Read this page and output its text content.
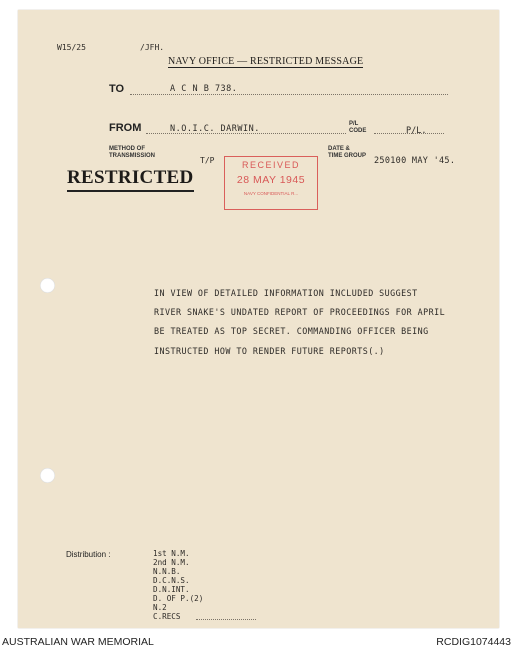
W15/25	/JFH.
NAVY OFFICE — RESTRICTED MESSAGE
TO	A C N B 738.
FROM	N.O.I.C. DARWIN.	P/L
CODE	P/L.
METHOD OF
TRANSMISSION	T/P
DATE &
TIME GROUP 250100 MAY '45.
RESTRICTED
RECEIVED
28 MAY 1945
NAVY CONFIDENTIAL R...
IN VIEW OF DETAILED INFORMATION INCLUDED SUGGEST
RIVER SNAKE'S UNDATED REPORT OF PROCEEDINGS FOR APRIL
BE TREATED AS TOP SECRET. COMMANDING OFFICER BEING
INSTRUCTED HOW TO RENDER FUTURE REPORTS(.)
Distribution :	1st N.M.
2nd N.M.
N.N.B.
D.C.N.S.
D.N.INT.
D. OF P.(2)
N.2
C.RECS
AUSTRALIAN WAR MEMORIAL	RCDIG1074443
